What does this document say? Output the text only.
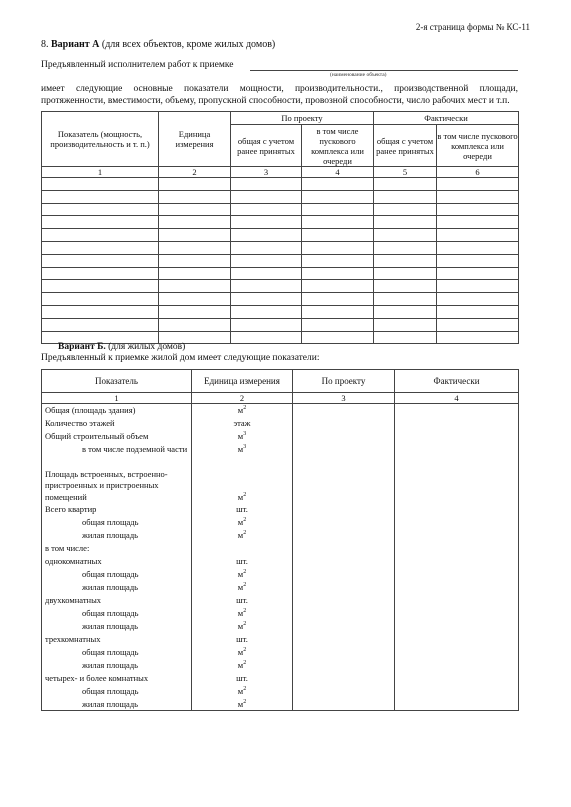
2-я страница формы № КС-11
8. Вариант А (для всех объектов, кроме жилых домов)
Предъявленный исполнителем работ к приемке
(наименование объекта)
имеет следующие основные показатели мощности, производительности., производственной площади, протяженности, вместимости, объему, пропускной способности, провозной способности, число рабочих мест и т.п.
Показатель (мощность, производительность и т. п.)	Единица измерения	По проекту		Фактически	
		общая с учетом ранее принятых	в том числе пускового комплекса или очереди	общая с учетом ранее принятых	в том числе пускового комплекса или очереди
1	2	3	4	5	6

Вариант Б. (для жилых домов)
Предъявленный к приемке жилой дом имеет следующие показатели:
Показатель	Единица измерения	По проекту	Фактически
1	2	3	4
Общая (площадь здания)	$м^2$		
Количество этажей	этаж		
Общий строительный объем	$м^3$		
в том числе подземной части	$м^3$		

Площадь встроенных, встроенно-			
пристроенных и пристроенных			
помещений	$м^2$		
Всего квартир	шт.		
общая площадь	$м^2$		
жилая площадь	$м^2$		
в том числе:			
однокомнатных	шт.		
общая площадь	$м^2$		
жилая площадь	$м^2$		
двухкомнатных	шт.		
общая площадь	$м^2$		
жилая площадь	$м^2$		
трехкомнатных	шт.		
общая площадь	$м^2$		
жилая площадь	$м^2$		
четырех- и более комнатных	шт.		
общая площадь	$м^2$		
жилая площадь	$м^2$		
